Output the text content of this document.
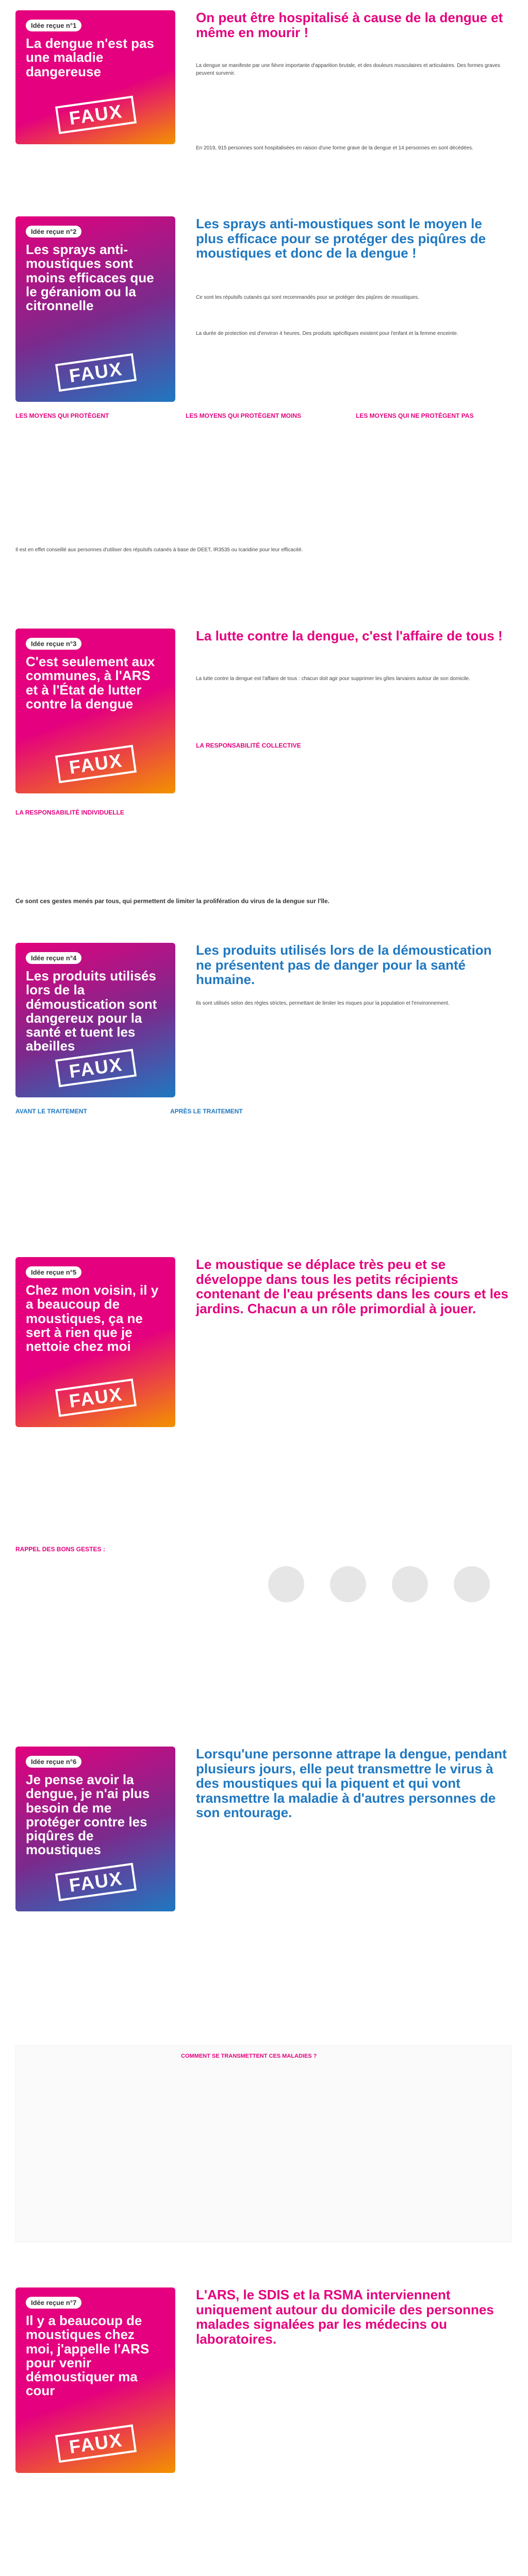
Idée reçue n°1
La dengue n'est pas une maladie dangereuse
FAUX
On peut être hospitalisé à cause de la dengue et même en mourir !
La dengue se manifeste par une fièvre importante d'apparition brutale, et des douleurs musculaires et articulaires. Des formes graves peuvent survenir.
En 2019, 915 personnes sont hospitalisées en raison d'une forme grave de la dengue et 14 personnes en sont décédées.
Idée reçue n°2
Les sprays anti-moustiques sont moins efficaces que le géraniom ou la citronnelle
FAUX
Les sprays anti-moustiques sont le moyen le plus efficace pour se protéger des piqûres de moustiques et donc de la dengue !
Ce sont les répulsifs cutanés qui sont recommandés pour se protéger des piqûres de moustiques.
La durée de protection est d'environ 4 heures. Des produits spécifiques existent pour l'enfant et la femme enceinte.
LES MOYENS QUI PROTÈGENT	LES MOYENS QUI PROTÈGENT MOINS	LES MOYENS QUI NE PROTÈGENT PAS
Il est en effet conseillé aux personnes d'utiliser des répulsifs cutanés à base de DEET, IR3535 ou Icaridine pour leur efficacité.
Idée reçue n°3
C'est seulement aux communes, à l'ARS et à l'État de lutter contre la dengue
FAUX
La lutte contre la dengue, c'est l'affaire de tous !
La lutte contre la dengue est l'affaire de tous : chacun doit agir pour supprimer les gîtes larvaires autour de son domicile.
LA RESPONSABILITÉ COLLECTIVE
LA RESPONSABILITÉ INDIVIDUELLE
Ce sont ces gestes menés par tous, qui permettent de limiter la prolifération du virus de la dengue sur l'île.
Idée reçue n°4
Les produits utilisés lors de la démoustication sont dangereux pour la santé et tuent les abeilles
FAUX
Les produits utilisés lors de la démoustication ne présentent pas de danger pour la santé humaine.
Ils sont utilisés selon des règles strictes, permettant de limiter les risques pour la population et l'environnement.
AVANT LE TRAITEMENT	APRÈS LE TRAITEMENT
Idée reçue n°5
Chez mon voisin, il y a beaucoup de moustiques, ça ne sert à rien que je nettoie chez moi
FAUX
Le moustique se déplace très peu et se développe dans tous les petits récipients contenant de l'eau présents dans les cours et les jardins. Chacun a un rôle primordial à jouer.
RAPPEL DES BONS GESTES :
Idée reçue n°6
Je pense avoir la dengue, je n'ai plus besoin de me protéger contre les piqûres de moustiques
FAUX
Lorsqu'une personne attrape la dengue, pendant plusieurs jours, elle peut transmettre le virus à des moustiques qui la piquent et qui vont transmettre la maladie à d'autres personnes de son entourage.
COMMENT SE TRANSMETTENT CES MALADIES ?
Idée reçue n°7
Il y a beaucoup de moustiques chez moi, j'appelle l'ARS pour venir démoustiquer ma cour
FAUX
L'ARS, le SDIS et la RSMA interviennent uniquement autour du domicile des personnes malades signalées par les médecins ou laboratoires.
